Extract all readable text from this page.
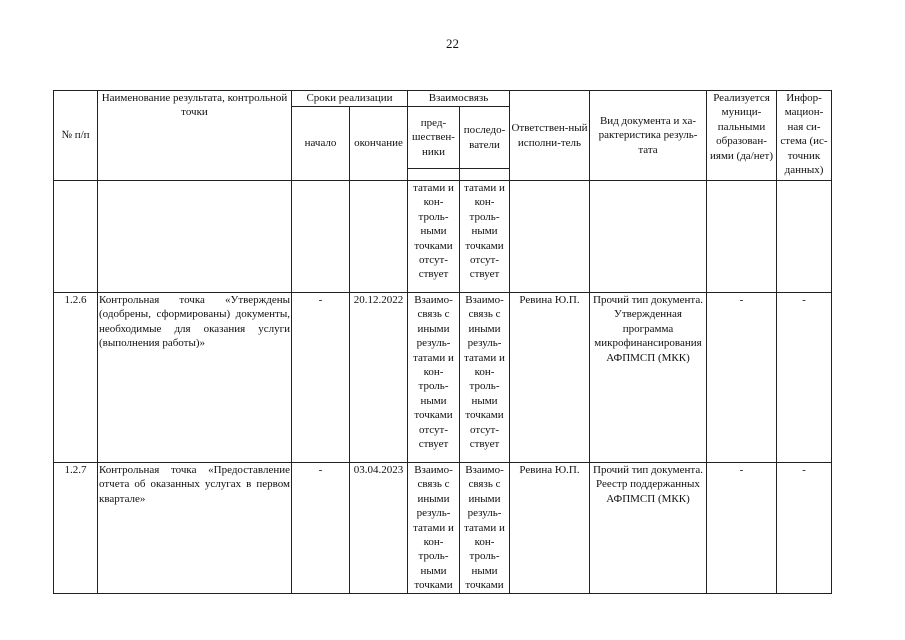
22
№ п/п	Наименование результата, контрольной точки	Сроки реализации		Взаимосвязь		Ответствен-ный исполни-тель	Вид документа и ха-рактеристика резуль-тата	Реализуется муници-пальными образован-иями (да/нет)	Инфор-мацион-ная си-стема (ис-точник данных)
		начало	окончание	пред-шествен-ники	последо-ватели				

				татами и кон-троль-ными точками отсут-ствует	татами и кон-троль-ными точками отсут-ствует				
1.2.6	Контрольная точка «Утверждены (одобрены, сформированы) документы, необходимые для оказания услуги (выполнения работы)»	-	20.12.2022	Взаимо-связь с иными резуль-татами и кон-троль-ными точками отсут-ствует	Взаимо-связь с иными резуль-татами и кон-троль-ными точками отсут-ствует	Ревина Ю.П.	Прочий тип документа. Утвержденная программа микрофинансирования АФПМСП (МКК)	-	-
1.2.7	Контрольная точка «Предоставление отчета об оказанных услугах в первом квартале»	-	03.04.2023	Взаимо-связь с иными резуль-татами и кон-троль-ными точками	Взаимо-связь с иными резуль-татами и кон-троль-ными точками	Ревина Ю.П.	Прочий тип документа. Реестр поддержанных АФПМСП (МКК)	-	-
